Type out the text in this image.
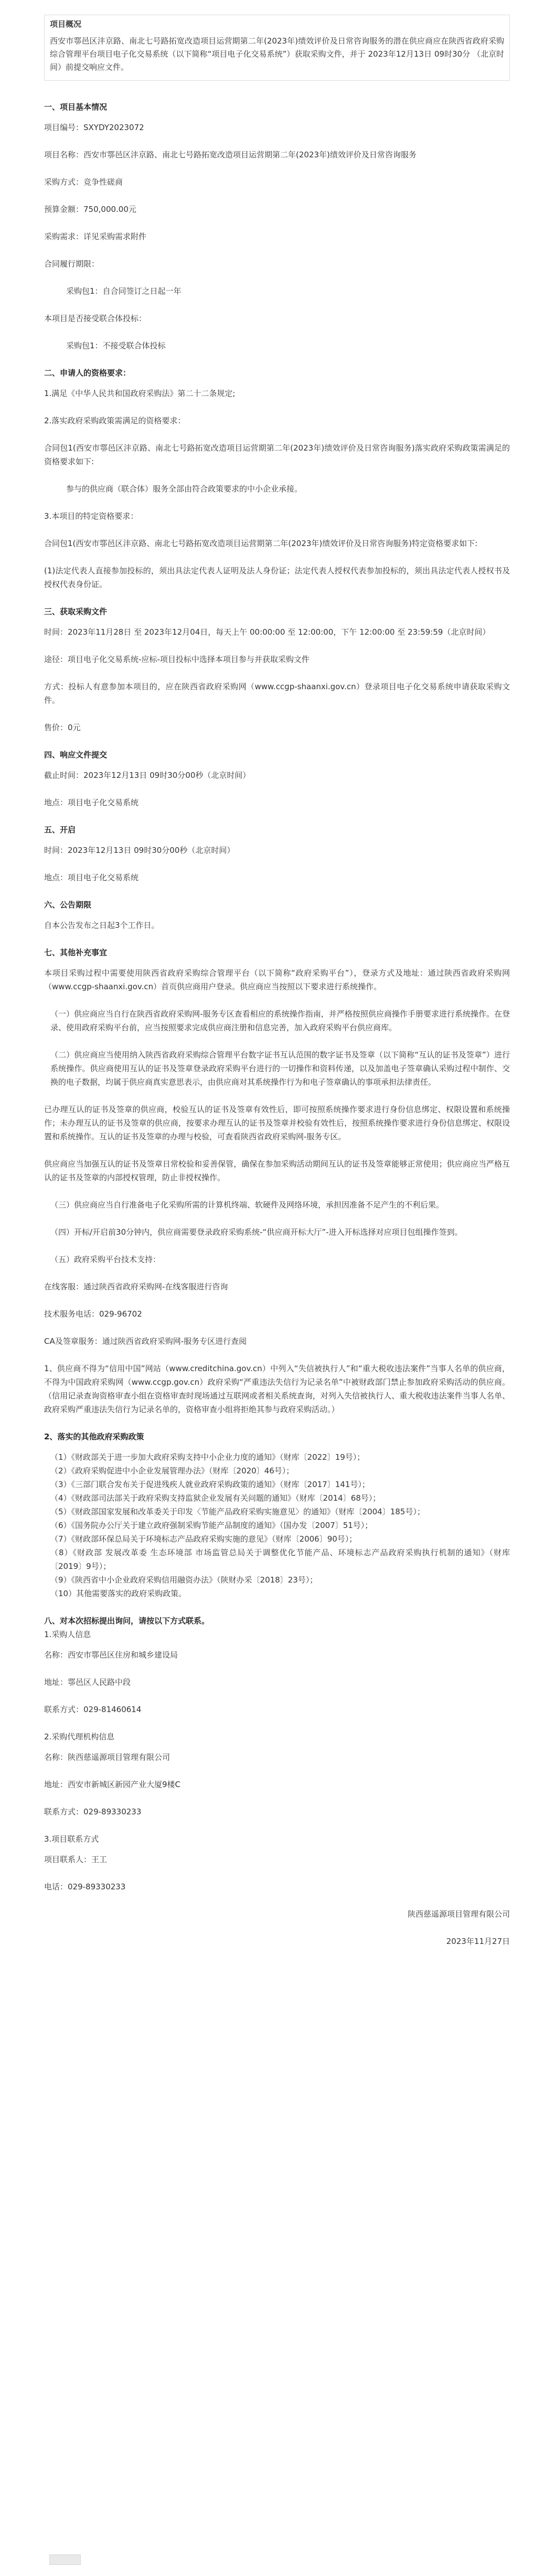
项目概况
西安市鄠邑区沣京路、南北七号路拓宽改造项目运营期第二年(2023年)绩效评价及日常咨询服务的潜在供应商应在陕西省政府采购综合管理平台项目电子化交易系统（以下简称“项目电子化交易系统”）获取采购文件，并于 2023年12月13日 09时30分 （北京时间）前提交响应文件。
一、项目基本情况

项目编号：SXYDY2023072

项目名称：西安市鄠邑区沣京路、南北七号路拓宽改造项目运营期第二年(2023年)绩效评价及日常咨询服务

采购方式：竞争性磋商

预算金额：750,000.00元

采购需求：详见采购需求附件

合同履行期限：

采购包1：自合同签订之日起一年

本项目是否接受联合体投标：

采购包1：不接受联合体投标

二、申请人的资格要求：

1.满足《中华人民共和国政府采购法》第二十二条规定;

2.落实政府采购政策需满足的资格要求：

合同包1(西安市鄠邑区沣京路、南北七号路拓宽改造项目运营期第二年(2023年)绩效评价及日常咨询服务)落实政府采购政策需满足的资格要求如下:

参与的供应商（联合体）服务全部由符合政策要求的中小企业承接。

3.本项目的特定资格要求：

合同包1(西安市鄠邑区沣京路、南北七号路拓宽改造项目运营期第二年(2023年)绩效评价及日常咨询服务)特定资格要求如下:

(1)法定代表人直接参加投标的，须出具法定代表人证明及法人身份证；法定代表人授权代表参加投标的，须出具法定代表人授权书及授权代表身份证。

三、获取采购文件

时间：2023年11月28日 至 2023年12月04日，每天上午 00:00:00 至 12:00:00，下午 12:00:00 至 23:59:59（北京时间）

途径：项目电子化交易系统-应标-项目投标中选择本项目参与并获取采购文件

方式：投标人有意参加本项目的，应在陕西省政府采购网（www.ccgp-shaanxi.gov.cn）登录项目电子化交易系统申请获取采购文件。

售价：0元

四、响应文件提交

截止时间：2023年12月13日 09时30分00秒（北京时间）

地点：项目电子化交易系统

五、开启

时间：2023年12月13日 09时30分00秒（北京时间）

地点：项目电子化交易系统

六、公告期限

自本公告发布之日起3个工作日。

七、其他补充事宜

本项目采购过程中需要使用陕西省政府采购综合管理平台（以下简称“政府采购平台”），登录方式及地址：通过陕西省政府采购网（www.ccgp-shaanxi.gov.cn）首页供应商用户登录。供应商应当按照以下要求进行系统操作。

（一）供应商应当自行在陕西省政府采购网-服务专区查看相应的系统操作指南，并严格按照供应商操作手册要求进行系统操作。在登录、使用政府采购平台前，应当按照要求完成供应商注册和信息完善，加入政府采购平台供应商库。

（二）供应商应当使用纳入陕西省政府采购综合管理平台数字证书互认范围的数字证书及签章（以下简称“互认的证书及签章”）进行系统操作。供应商使用互认的证书及签章登录政府采购平台进行的一切操作和资料传递，以及加盖电子签章确认采购过程中制作、交换的电子数据，均属于供应商真实意思表示，由供应商对其系统操作行为和电子签章确认的事项承担法律责任。

已办理互认的证书及签章的供应商，校验互认的证书及签章有效性后，即可按照系统操作要求进行身份信息绑定、权限设置和系统操作；未办理互认的证书及签章的供应商，按要求办理互认的证书及签章并校验有效性后，按照系统操作要求进行身份信息绑定、权限设置和系统操作。互认的证书及签章的办理与校验，可查看陕西省政府采购网-服务专区。

供应商应当加强互认的证书及签章日常校验和妥善保管，确保在参加采购活动期间互认的证书及签章能够正常使用；供应商应当严格互认的证书及签章的内部授权管理，防止非授权操作。

（三）供应商应当自行准备电子化采购所需的计算机终端、软硬件及网络环境，承担因准备不足产生的不利后果。

（四）开标/开启前30分钟内，供应商需要登录政府采购系统-“供应商开标大厅”-进入开标选择对应项目包组操作签到。

（五）政府采购平台技术支持：

在线客服：通过陕西省政府采购网-在线客服进行咨询

技术服务电话：029-96702

CA及签章服务：通过陕西省政府采购网-服务专区进行查阅

1、供应商不得为“信用中国”网站（www.creditchina.gov.cn）中列入“失信被执行人”和“重大税收违法案件”当事人名单的供应商，不得为中国政府采购网（www.ccgp.gov.cn）政府采购“严重违法失信行为记录名单”中被财政部门禁止参加政府采购活动的供应商。（信用记录查询资格审查小组在资格审查时现场通过互联网或者相关系统查询，对列入失信被执行人、重大税收违法案件当事人名单、政府采购严重违法失信行为记录名单的，资格审查小组将拒绝其参与政府采购活动。）

2、落实的其他政府采购政策

（1）《财政部关于进一步加大政府采购支持中小企业力度的通知》（财库〔2022〕19号）；

（2）《政府采购促进中小企业发展管理办法》（财库〔2020〕46号）；

（3）《三部门联合发布关于促进残疾人就业政府采购政策的通知》（财库〔2017〕141号）；

（4）《财政部司法部关于政府采购支持监狱企业发展有关问题的通知》（财库〔2014〕68号）；

（5）《财政部国家发展和改革委关于印发〈节能产品政府采购实施意见〉的通知》（财库〔2004〕185号）；

（6）《国务院办公厅关于建立政府强制采购节能产品制度的通知》（国办发〔2007〕51号）；

（7）《财政部环保总局关于环境标志产品政府采购实施的意见》（财库〔2006〕90号）；

（8）《财政部 发展改革委 生态环境部 市场监管总局关于调整优化节能产品、环境标志产品政府采购执行机制的通知》（财库〔2019〕9号）；

（9）《陕西省中小企业政府采购信用融资办法》（陕财办采〔2018〕23号）；

（10）其他需要落实的政府采购政策。

八、对本次招标提出询问，请按以下方式联系。

1.采购人信息

名称：西安市鄠邑区住房和城乡建设局

地址：鄠邑区人民路中段

联系方式：029-81460614

2.采购代理机构信息

名称：陕西慈遥源项目管理有限公司

地址：西安市新城区新园产业大厦9楼C

联系方式：029-89330233

3.项目联系方式

项目联系人：王工

电话：029-89330233

陕西慈遥源项目管理有限公司

2023年11月27日
